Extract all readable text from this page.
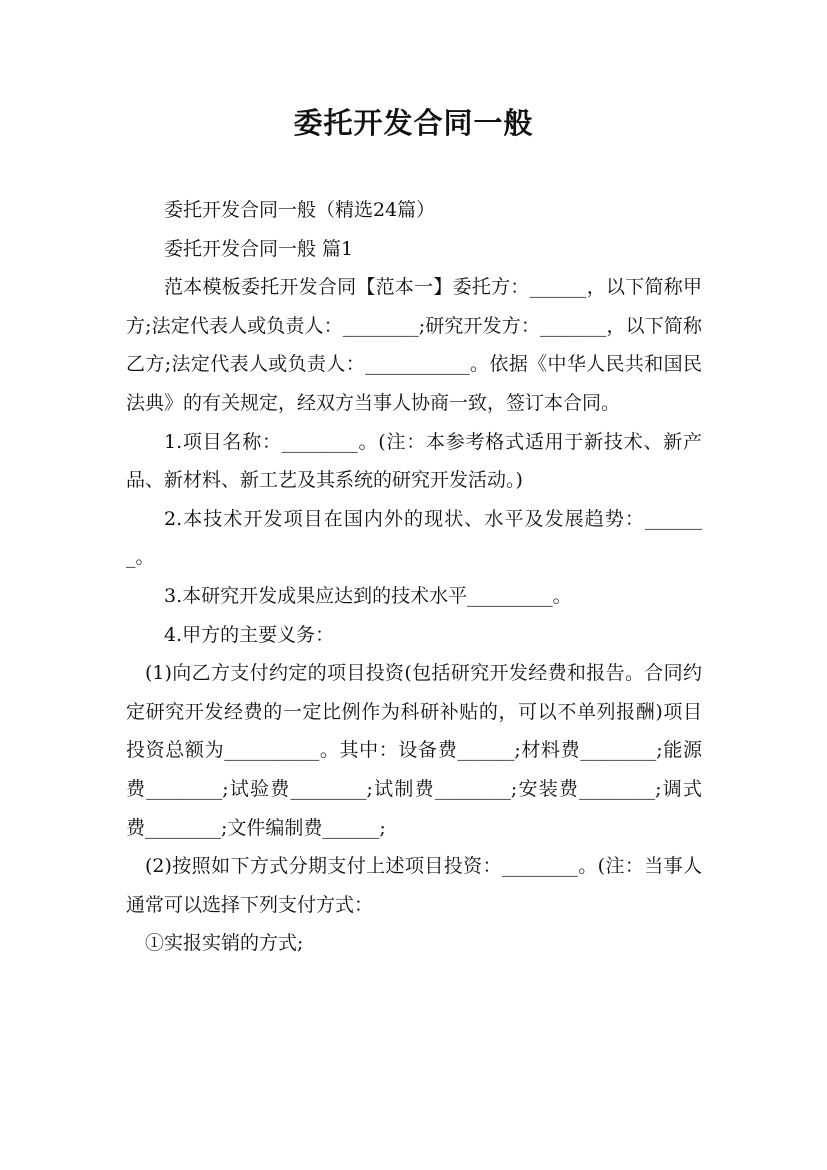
委托开发合同一般

委托开发合同一般（精选24篇）

委托开发合同一般 篇1

范本模板委托开发合同【范本一】委托方：______，以下简称甲方;法定代表人或负责人：________;研究开发方：_______，以下简称乙方;法定代表人或负责人：___________。依据《中华人民共和国民法典》的有关规定，经双方当事人协商一致，签订本合同。

1.项目名称：________。(注：本参考格式适用于新技术、新产品、新材料、新工艺及其系统的研究开发活动。)

2.本技术开发项目在国内外的现状、水平及发展趋势：_______。

3.本研究开发成果应达到的技术水平_________。

4.甲方的主要义务：

(1)向乙方支付约定的项目投资(包括研究开发经费和报告。合同约定研究开发经费的一定比例作为科研补贴的，可以不单列报酬)项目投资总额为__________。其中：设备费______;材料费________;能源费________;试验费________;试制费________;安装费________;调式费________;文件编制费______;

(2)按照如下方式分期支付上述项目投资：________。(注：当事人通常可以选择下列支付方式：

①实报实销的方式;
